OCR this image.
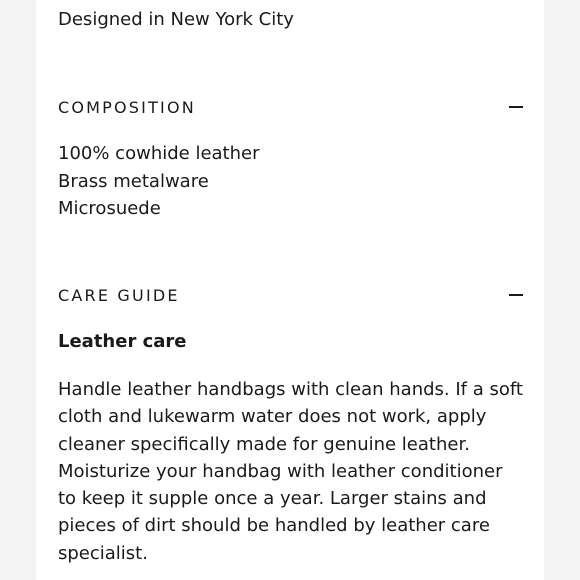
Designed in New York City

COMPOSITION

100% cowhide leather

Brass metalware

Microsuede

CARE GUIDE

Leather care

Handle leather handbags with clean hands. If a soft cloth and lukewarm water does not work, apply cleaner specifically made for genuine leather. Moisturize your handbag with leather conditioner to keep it supple once a year. Larger stains and pieces of dirt should be handled by leather care specialist.
